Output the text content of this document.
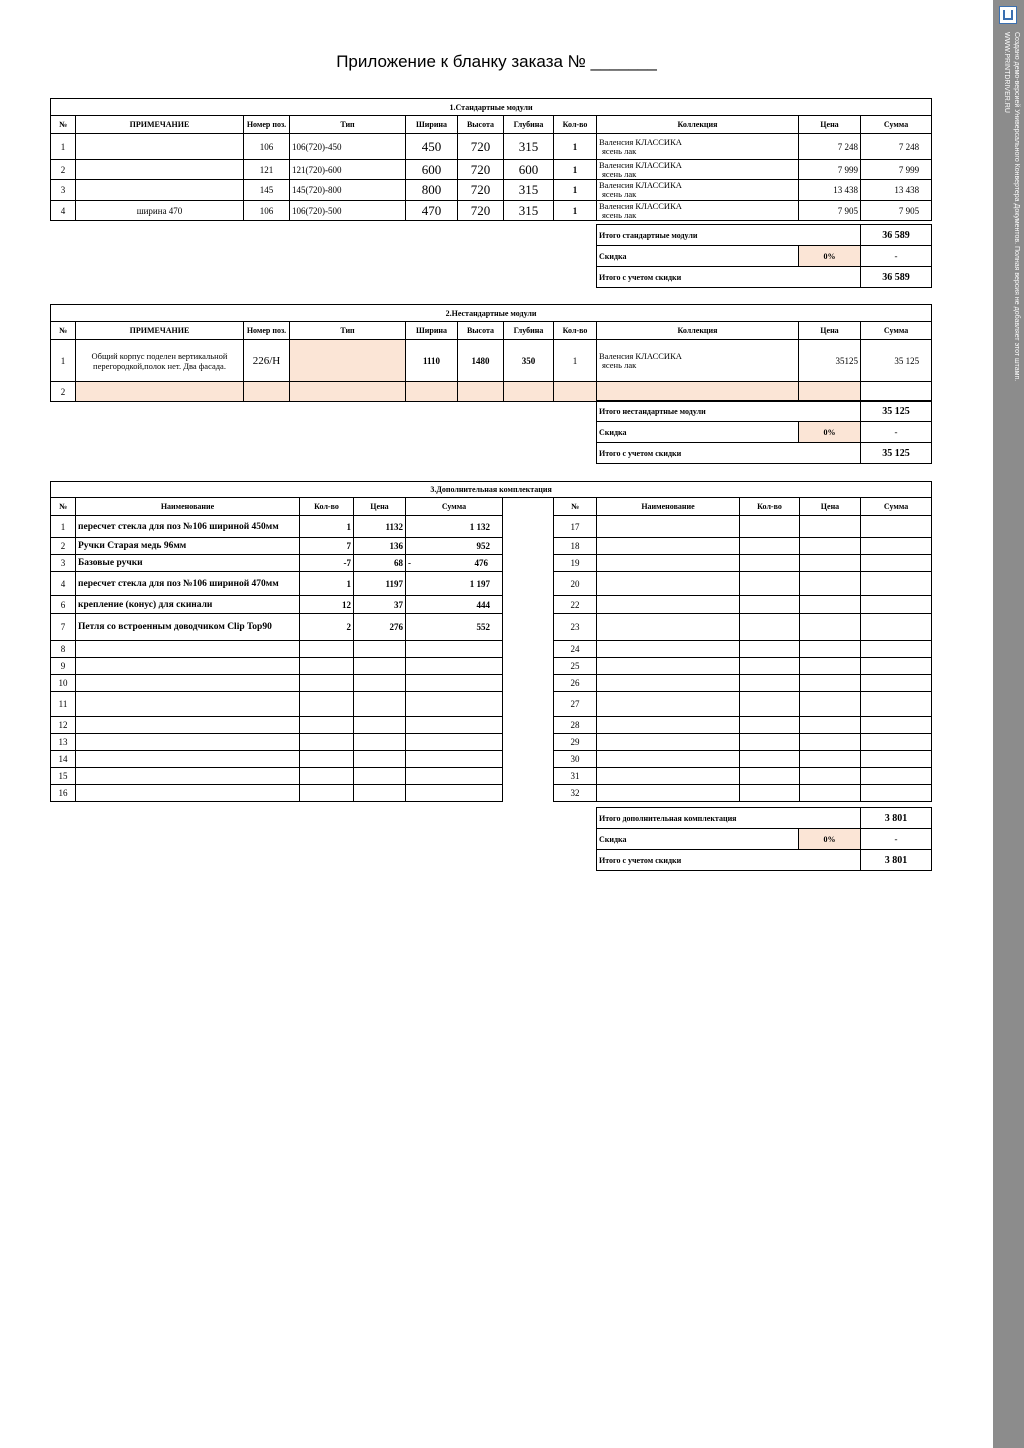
Создано демо-версией Универсального Конвертера Документов. Полная версия не добавляет этот штамп.
WWW.PRINTDRIVER.RU
Приложение к бланку заказа № _______
1.Стандартные модули										
№	ПРИМЕЧАНИЕ	Номер поз.	Тип	Ширина	Высота	Глубина	Кол-во	Коллекция	Цена	Сумма
1		106	106(720)-450	450	720	315	1	Валенсия КЛАССИКА
ясень лак	7 248	7 248
2		121	121(720)-600	600	720	600	1	Валенсия КЛАССИКА
ясень лак	7 999	7 999
3		145	145(720)-800	800	720	315	1	Валенсия КЛАССИКА
ясень лак	13 438	13 438
4	ширина 470	106	106(720)-500	470	720	315	1	Валенсия КЛАССИКА
ясень лак	7 905	7 905
Итого стандартные модули		36 589
Скидка	0%	-
Итого с учетом скидки		36 589
2.Нестандартные модули										
№	ПРИМЕЧАНИЕ	Номер поз.	Тип	Ширина	Высота	Глубина	Кол-во	Коллекция	Цена	Сумма
1	Общий корпус поделен вертикальной перегородкой,полок нет. Два фасада.	226/Н		1110	1480	350	1	Валенсия КЛАССИКА
ясень лак	35125	35 125
2								

Итого нестандартные модули		35 125
Скидка	0%	-
Итого с учетом скидки		35 125
3.Дополнительная комплектация										
№	Наименование	Кол-во	Цена	Сумма		№	Наименование	Кол-во	Цена	Сумма
1	пересчет стекла для поз №106 шириной 450мм	1	1132	1 132		17				
2	Ручки Старая медь 96мм	7	136	952		18				
3	Базовые ручки	-7	68	- 476		19				
4	пересчет стекла для поз №106 шириной 470мм	1	1197	1 197		20				
6	крепление (конус) для скинали	12	37	444		22				
7	Петля со встроенным доводчиком Clip Top90	2	276	552		23				
8						24				
9						25				
10						26				
11						27				
12						28				
13						29				
14						30				
15						31				
16						32				
Итого дополнительная комплектация		3 801
Скидка	0%	-
Итого с учетом скидки		3 801
